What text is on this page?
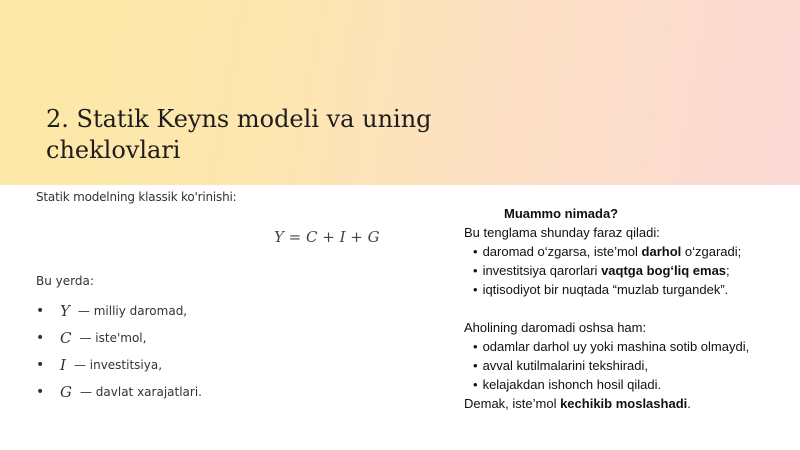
2. Statik Keyns modeli va uning cheklovlari

Statik modelning klassik ko'rinishi:

Y = C + I + G

Bu yerda:

•	Y — milliy daromad,
•	C — iste'mol,
•	I — investitsiya,
•	G — davlat xarajatlari.

Muammo nimada?

Bu tenglama shunday faraz qiladi:

• daromad o‘zgarsa, iste’mol darhol o‘zgaradi;
• investitsiya qarorlari vaqtga bog‘liq emas;
• iqtisodiyot bir nuqtada “muzlab turgandek”.

Aholining daromadi oshsa ham:

• odamlar darhol uy yoki mashina sotib olmaydi,
• avval kutilmalarini tekshiradi,
• kelajakdan ishonch hosil qiladi.

Demak, iste’mol kechikib moslashadi.
